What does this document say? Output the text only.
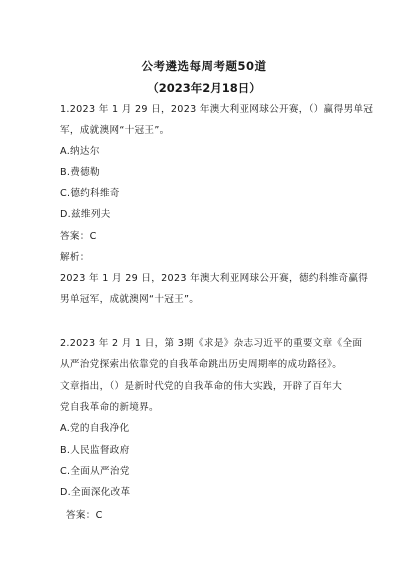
公考遴选每周考题50道
（2023年2月18日）
1.2023 年 1 月 29 日，2023 年澳大利亚网球公开赛，（）赢得男单冠
军，成就澳网“十冠王”。
A.纳达尔
B.费德勒
C.德约科维奇
D.兹维列夫
答案：C
解析：
2023 年 1 月 29 日，2023 年澳大利亚网球公开赛，德约科维奇赢得
男单冠军，成就澳网“十冠王”。
2.2023 年 2 月 1 日，第 3期《求是》杂志习近平的重要文章《全面
从严治党探索出依靠党的自我革命跳出历史周期率的成功路径》。
文章指出，（）是新时代党的自我革命的伟大实践，开辟了百年大
党自我革命的新境界。
A.党的自我净化
B.人民监督政府
C.全面从严治党
D.全面深化改革
答案：C
